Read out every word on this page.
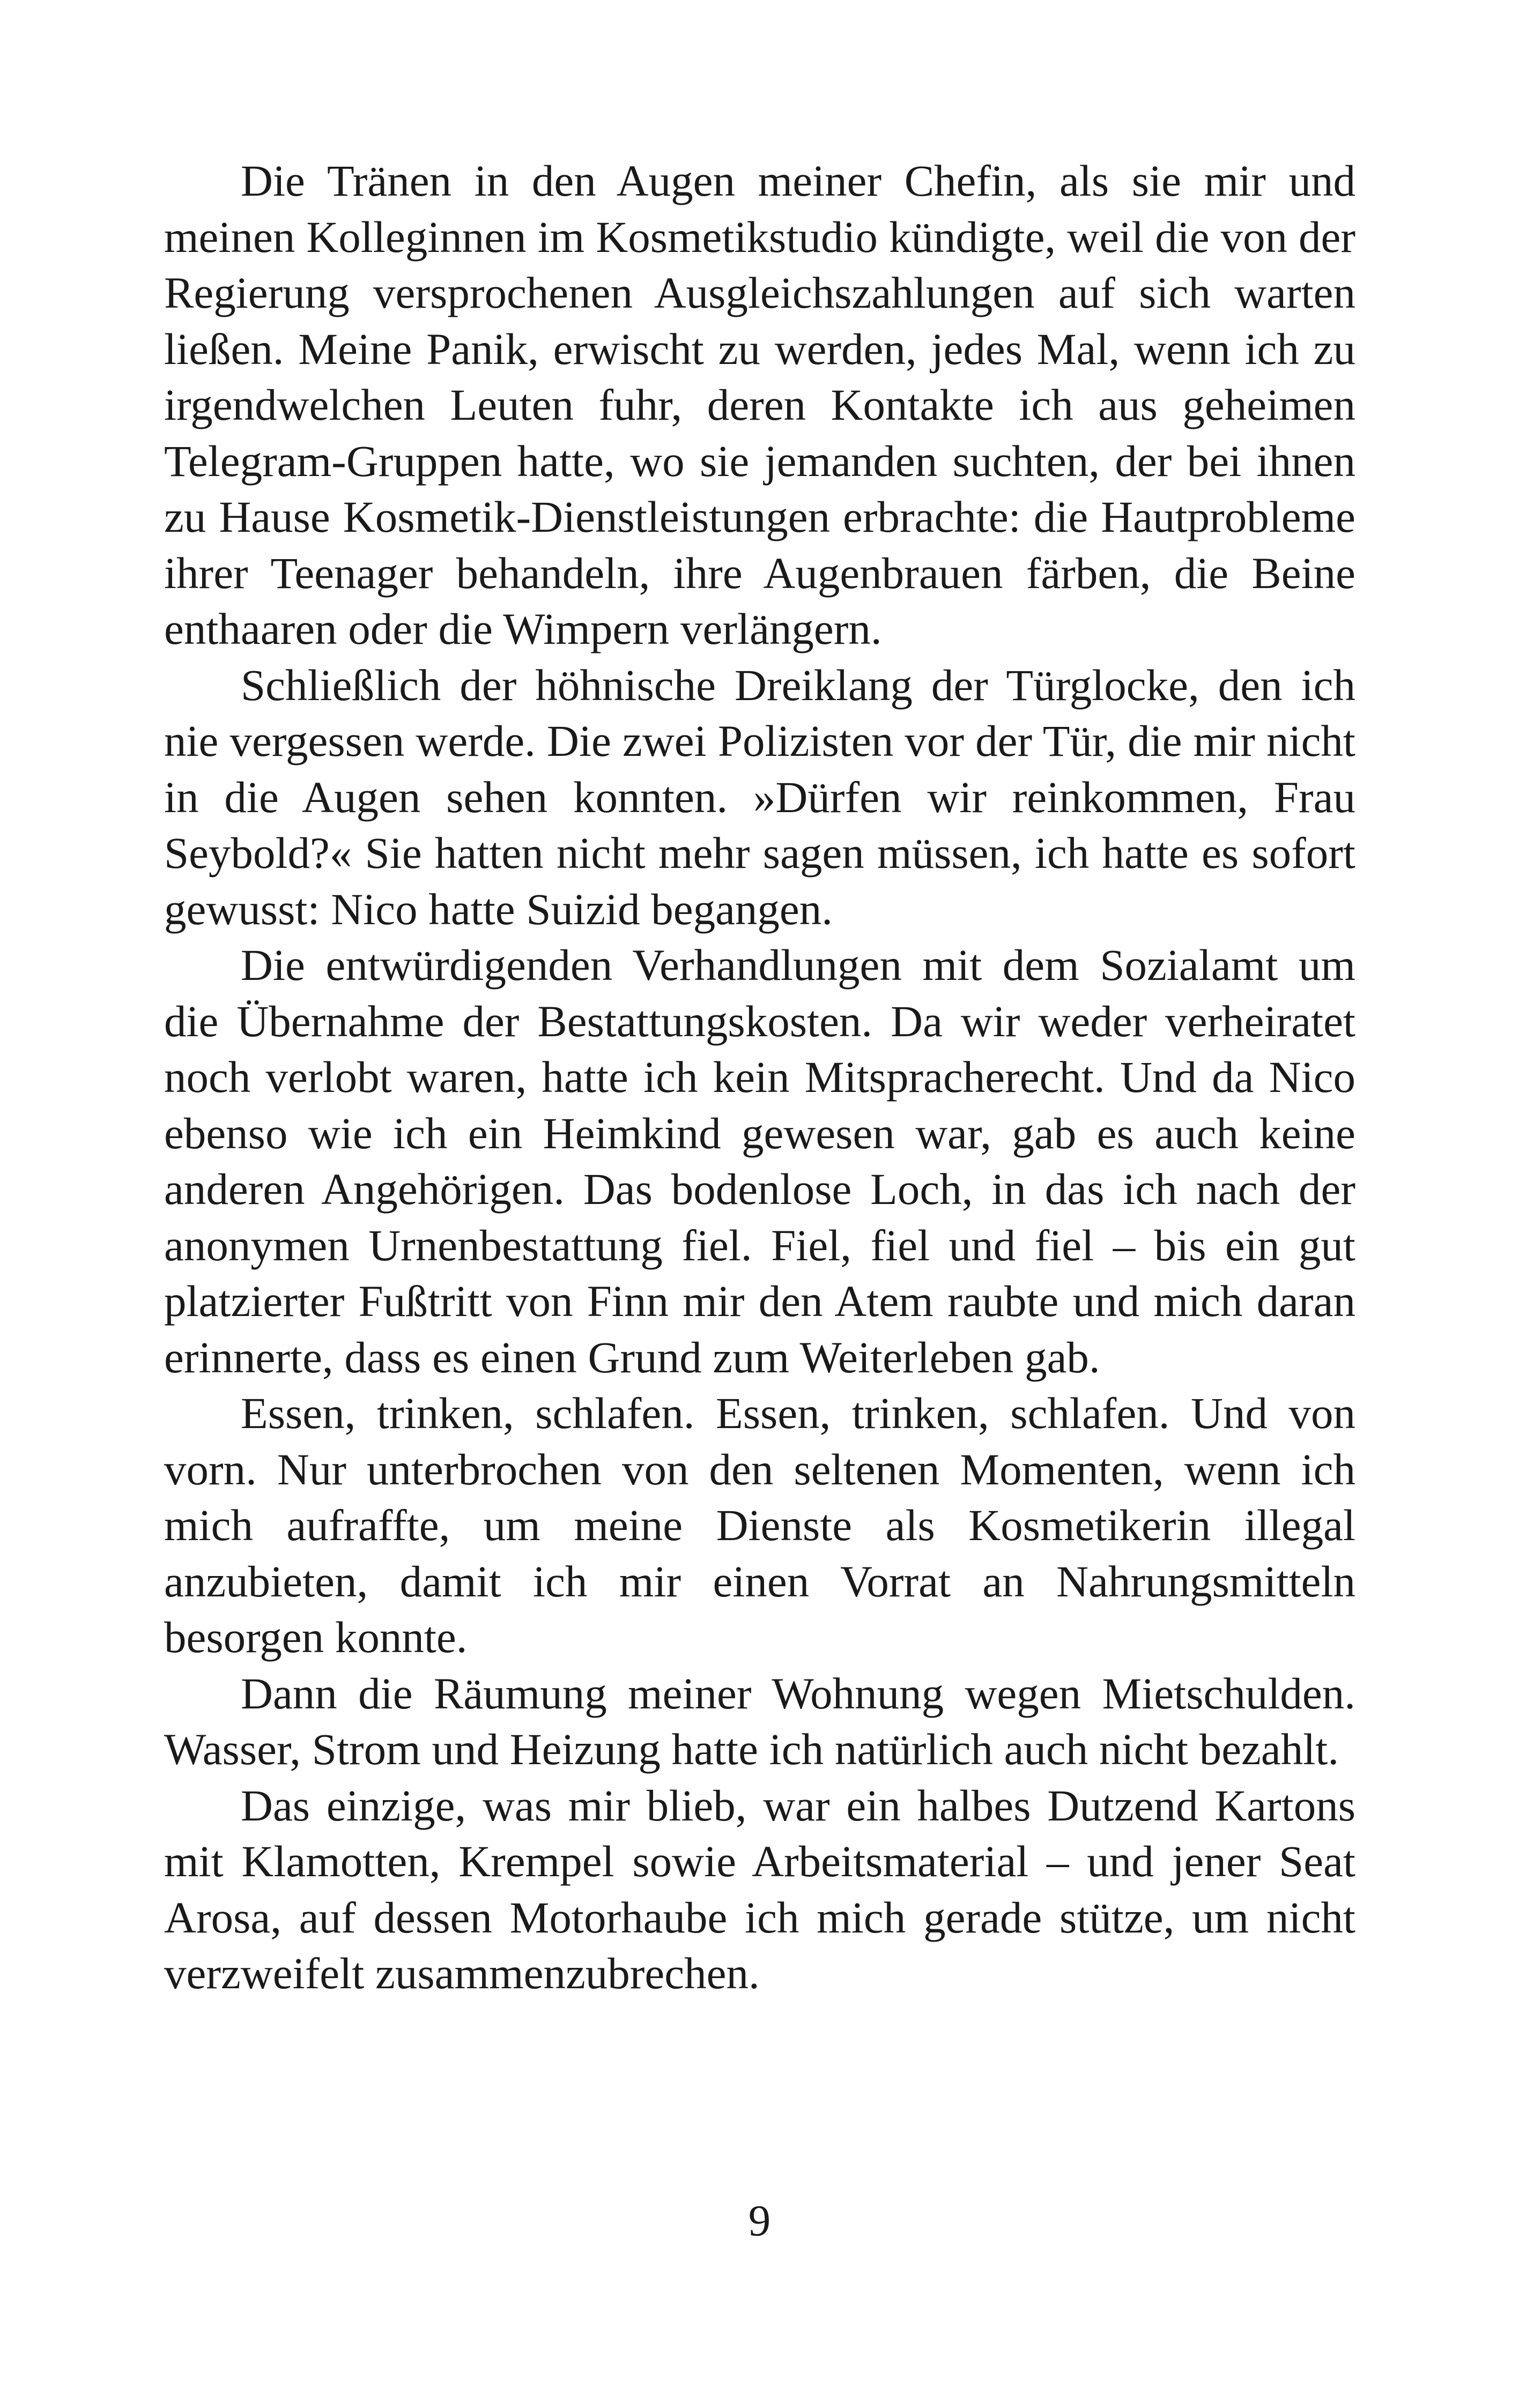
Die Tränen in den Augen meiner Chefin, als sie mir und meinen Kolleginnen im Kosmetikstudio kündigte, weil die von der Regierung versprochenen Ausgleichszahlungen auf sich warten ließen. Meine Panik, erwischt zu werden, jedes Mal, wenn ich zu irgendwelchen Leuten fuhr, deren Kontakte ich aus geheimen Telegram-Gruppen hatte, wo sie jemanden suchten, der bei ihnen zu Hause Kosmetik-Dienstleistungen erbrachte: die Hautprobleme ihrer Teenager behandeln, ihre Augenbrauen färben, die Beine enthaaren oder die Wimpern verlängern.

Schließlich der höhnische Dreiklang der Türglocke, den ich nie vergessen werde. Die zwei Polizisten vor der Tür, die mir nicht in die Augen sehen konnten. »Dürfen wir reinkommen, Frau Seybold?« Sie hatten nicht mehr sagen müssen, ich hatte es sofort gewusst: Nico hatte Suizid begangen.

Die entwürdigenden Verhandlungen mit dem Sozialamt um die Übernahme der Bestattungskosten. Da wir weder verheiratet noch verlobt waren, hatte ich kein Mitspracherecht. Und da Nico ebenso wie ich ein Heimkind gewesen war, gab es auch keine anderen Angehörigen. Das bodenlose Loch, in das ich nach der anonymen Urnenbestattung fiel. Fiel, fiel und fiel – bis ein gut platzierter Fußtritt von Finn mir den Atem raubte und mich daran erinnerte, dass es einen Grund zum Weiterleben gab.

Essen, trinken, schlafen. Essen, trinken, schlafen. Und von vorn. Nur unterbrochen von den seltenen Momenten, wenn ich mich aufraffte, um meine Dienste als Kosmetikerin illegal anzubieten, damit ich mir einen Vorrat an Nahrungsmitteln besorgen konnte.

Dann die Räumung meiner Wohnung wegen Mietschulden. Wasser, Strom und Heizung hatte ich natürlich auch nicht bezahlt.

Das einzige, was mir blieb, war ein halbes Dutzend Kartons mit Klamotten, Krempel sowie Arbeitsmaterial – und jener Seat Arosa, auf dessen Motorhaube ich mich gerade stütze, um nicht verzweifelt zusammenzubrechen.

9
